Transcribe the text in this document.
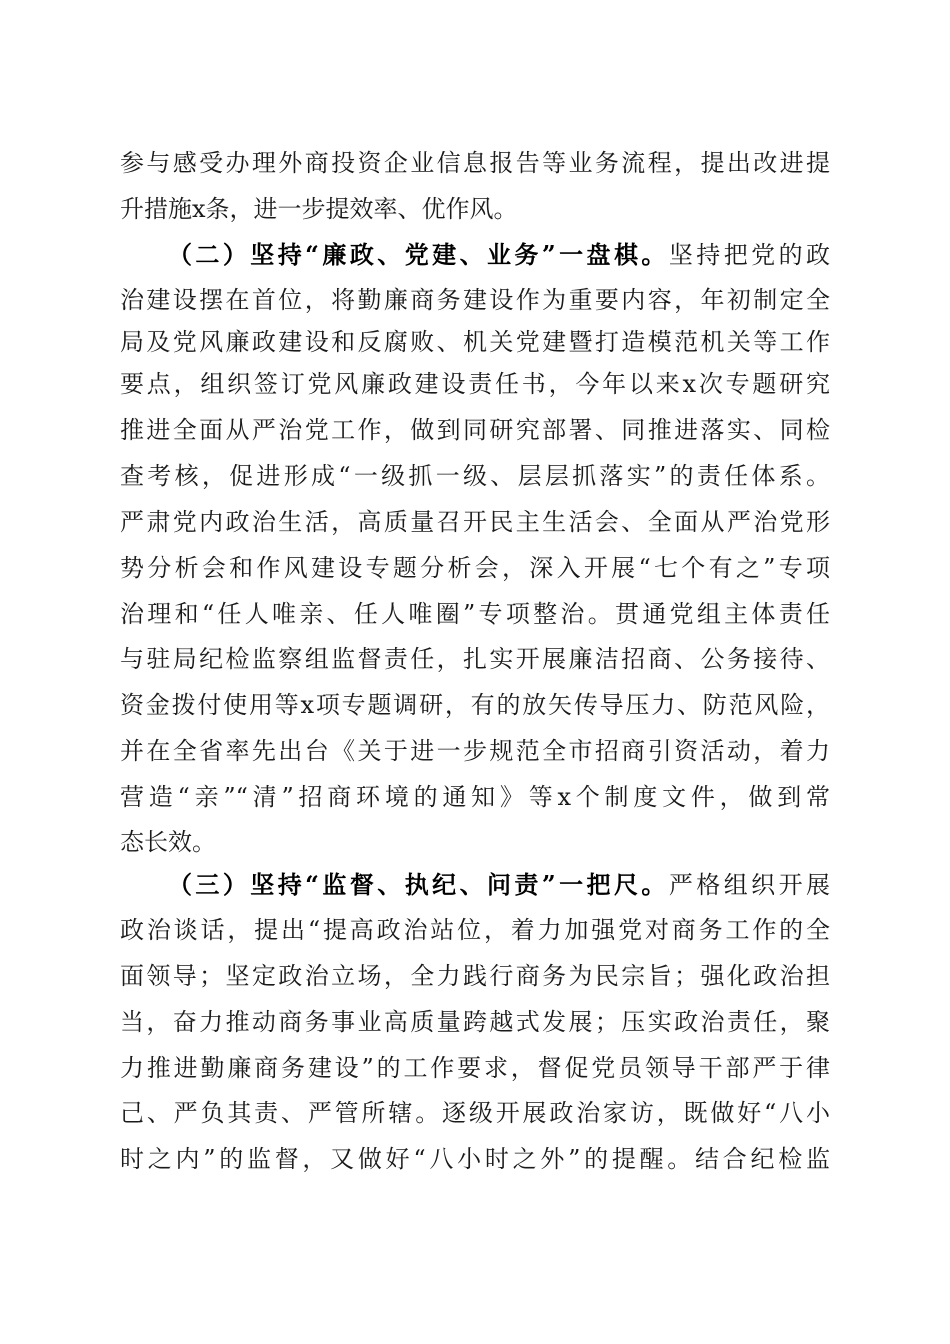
参与感受办理外商投资企业信息报告等业务流程，提出改进提
升措施x条，进一步提效率、优作风。
（二）坚持“廉政、党建、业务”一盘棋。坚持把党的政
治建设摆在首位，将勤廉商务建设作为重要内容，年初制定全
局及党风廉政建设和反腐败、机关党建暨打造模范机关等工作
要点，组织签订党风廉政建设责任书，今年以来x次专题研究
推进全面从严治党工作，做到同研究部署、同推进落实、同检
查考核，促进形成“一级抓一级、层层抓落实”的责任体系。
严肃党内政治生活，高质量召开民主生活会、全面从严治党形
势分析会和作风建设专题分析会，深入开展“七个有之”专项
治理和“任人唯亲、任人唯圈”专项整治。贯通党组主体责任
与驻局纪检监察组监督责任，扎实开展廉洁招商、公务接待、
资金拨付使用等x项专题调研，有的放矢传导压力、防范风险，
并在全省率先出台《关于进一步规范全市招商引资活动，着力
营造“亲”“清”招商环境的通知》等x个制度文件，做到常
态长效。
（三）坚持“监督、执纪、问责”一把尺。严格组织开展
政治谈话，提出“提高政治站位，着力加强党对商务工作的全
面领导；坚定政治立场，全力践行商务为民宗旨；强化政治担
当，奋力推动商务事业高质量跨越式发展；压实政治责任，聚
力推进勤廉商务建设”的工作要求，督促党员领导干部严于律
己、严负其责、严管所辖。逐级开展政治家访，既做好“八小
时之内”的监督，又做好“八小时之外”的提醒。结合纪检监
